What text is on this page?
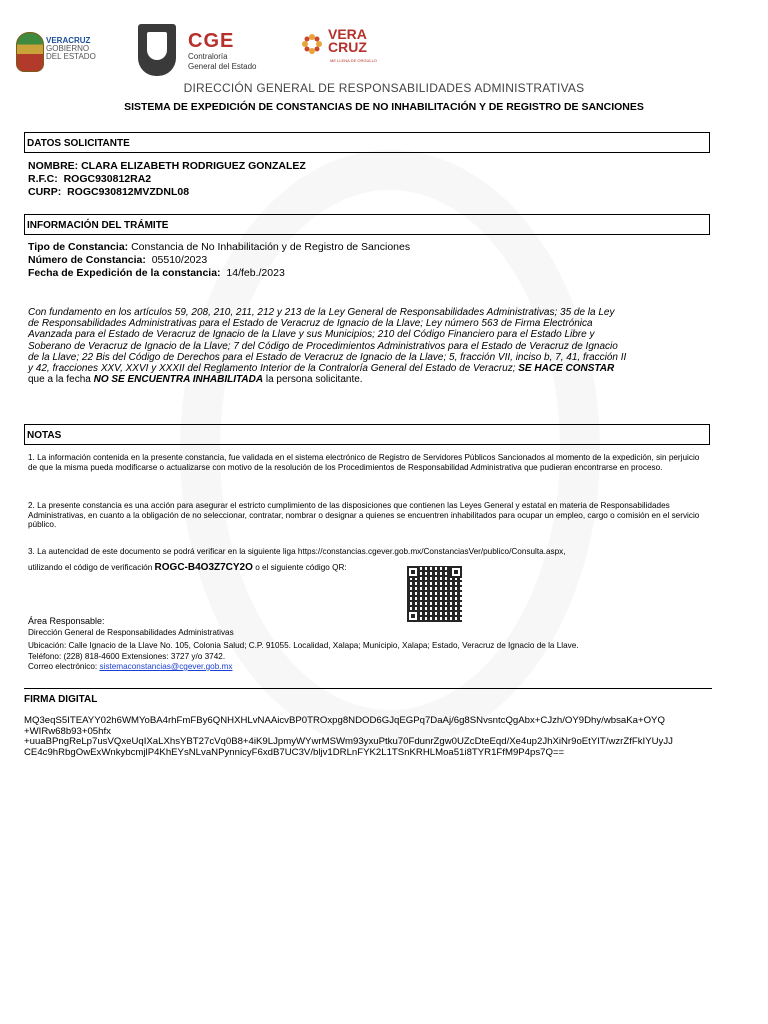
VERACRUZ
GOBIERNO
DEL ESTADO
CGE
Contraloría
General del Estado
VERA
CRUZ
ME LLENA DE ORGULLO
DIRECCIÓN GENERAL DE RESPONSABILIDADES ADMINISTRATIVAS
SISTEMA DE EXPEDICIÓN DE CONSTANCIAS DE NO INHABILITACIÓN Y DE REGISTRO DE SANCIONES
DATOS SOLICITANTE
NOMBRE: CLARA ELIZABETH RODRIGUEZ GONZALEZ
R.F.C: ROGC930812RA2
CURP: ROGC930812MVZDNL08
INFORMACIÓN DEL TRÁMITE
Tipo de Constancia: Constancia de No Inhabilitación y de Registro de Sanciones
Número de Constancia: 05510/2023
Fecha de Expedición de la constancia: 14/feb./2023
Con fundamento en los artículos 59, 208, 210, 211, 212 y 213 de la Ley General de Responsabilidades Administrativas; 35 de la Ley
de Responsabilidades Administrativas para el Estado de Veracruz de Ignacio de la Llave; Ley número 563 de Firma Electrónica
Avanzada para el Estado de Veracruz de Ignacio de la Llave y sus Municipios; 210 del Código Financiero para el Estado Libre y
Soberano de Veracruz de Ignacio de la Llave; 7 del Código de Procedimientos Administrativos para el Estado de Veracruz de Ignacio
de la Llave; 22 Bis del Código de Derechos para el Estado de Veracruz de Ignacio de la Llave; 5, fracción VII, inciso b, 7, 41, fracción II
y 42, fracciones XXV, XXVI y XXXII del Reglamento Interior de la Contraloría General del Estado de Veracruz; SE HACE CONSTAR
que a la fecha NO SE ENCUENTRA INHABILITADA la persona solicitante.
NOTAS
1. La información contenida en la presente constancia, fue validada en el sistema electrónico de Registro de Servidores Públicos Sancionados al momento de la expedición, sin perjuicio de que la misma pueda modificarse o actualizarse con motivo de la resolución de los Procedimientos de Responsabilidad Administrativa que pudieran encontrarse en proceso.
2. La presente constancia es una acción para asegurar el estricto cumplimiento de las disposiciones que contienen las Leyes General y estatal en materia de Responsabilidades Administrativas, en cuanto a la obligación de no seleccionar, contratar, nombrar o designar a quienes se encuentren inhabilitados para ocupar un empleo, cargo o comisión en el servicio público.
3. La autencidad de este documento se podrá verificar en la siguiente liga https://constancias.cgever.gob.mx/ConstanciasVer/publico/Consulta.aspx,
utilizando el código de verificación ROGC-B4O3Z7CY2O o el siguiente código QR:
Área Responsable:
Dirección General de Responsabilidades Administrativas
Ubicación: Calle Ignacio de la Llave No. 105, Colonia Salud; C.P. 91055. Localidad, Xalapa; Municipio, Xalapa; Estado, Veracruz de Ignacio de la Llave.
Teléfono: (228) 818-4600 Extensiones: 3727 y/o 3742.
Correo electrónico: sistemaconstancias@cgever.gob.mx
FIRMA DIGITAL
MQ3eqS5ITEAYY02h6WMYoBA4rhFmFBy6QNHXHLvNAAicvBP0TROxpg8NDOD6GJqEGPq7DaAj/6g8SNvsntcQgAbx+CJzh/OY9Dhy/wbsaKa+OYQ
+WIRw68b93+05hfx
+uuaBPngReLp7usVQxeUqIXaLXhsYBT27cVq0B8+4iK9LJpmyWYwrMSWm93yxuPtku70FdunrZgw0UZcDteEqd/Xe4up2JhXiNr9oEtYIT/wzrZfFkIYUyJJ
CE4c9hRbgOwExWnkybcmjlP4KhEYsNLvaNPynnicyF6xdB7UC3V/bljv1DRLnFYK2L1TSnKRHLMoa51i8TYR1FfM9P4ps7Q==
